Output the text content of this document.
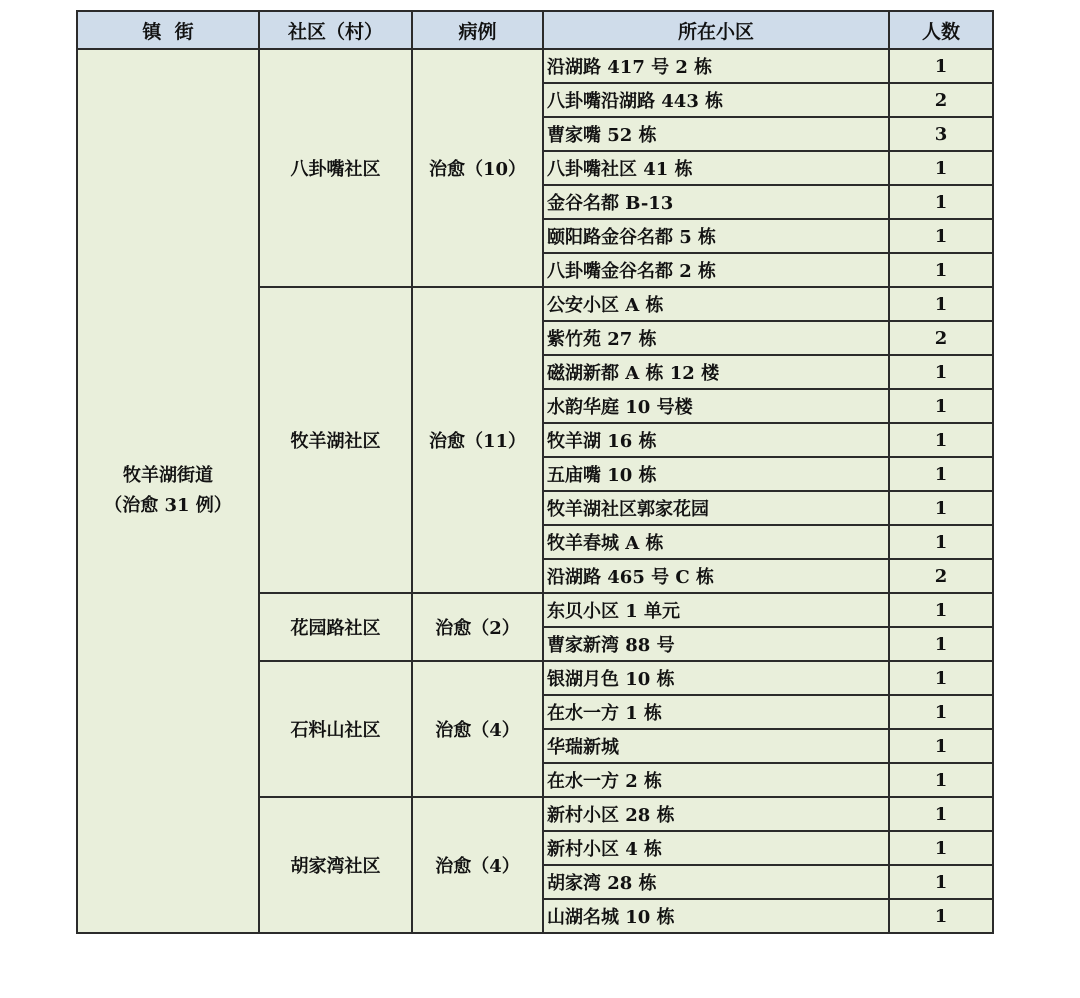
镇  街	社区（村）	病例	所在小区	人数

牧羊湖街道
（治愈 31 例）	八卦嘴社区	治愈（10）	沿湖路 417 号 2 栋	1
			八卦嘴沿湖路 443 栋	2
			曹家嘴 52 栋	3
			八卦嘴社区 41 栋	1
			金谷名都 B-13	1
			颐阳路金谷名都 5 栋	1
			八卦嘴金谷名都 2 栋	1
	牧羊湖社区	治愈（11）	公安小区 A 栋	1
			紫竹苑 27 栋	2
			磁湖新都 A 栋 12 楼	1
			水韵华庭 10 号楼	1
			牧羊湖 16 栋	1
			五庙嘴 10 栋	1
			牧羊湖社区郭家花园	1
			牧羊春城 A 栋	1
			沿湖路 465 号 C 栋	2
	花园路社区	治愈（2）	东贝小区 1 单元	1
			曹家新湾 88 号	1
	石料山社区	治愈（4）	银湖月色 10 栋	1
			在水一方 1 栋	1
			华瑞新城	1
			在水一方 2 栋	1
	胡家湾社区	治愈（4）	新村小区 28 栋	1
			新村小区 4 栋	1
			胡家湾 28 栋	1
			山湖名城 10 栋	1
